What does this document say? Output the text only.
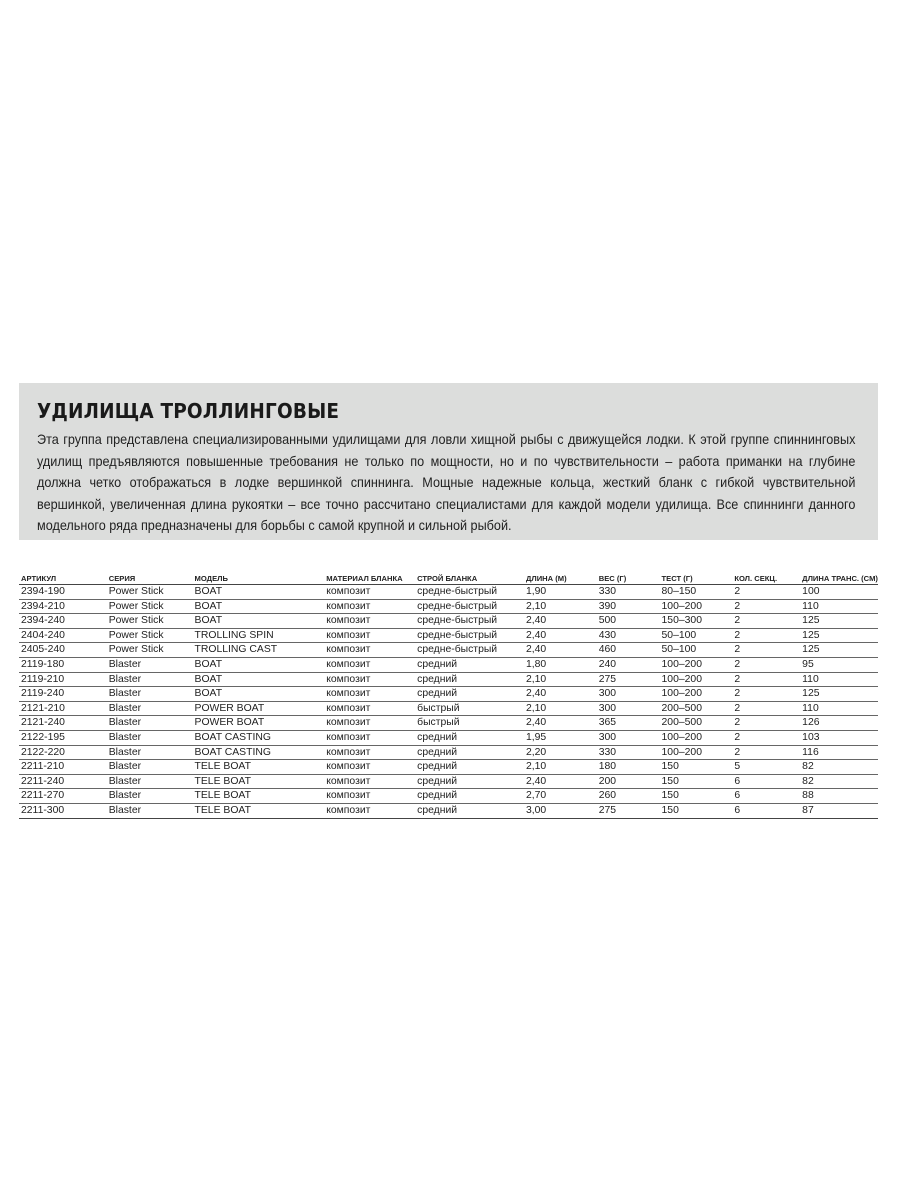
УДИЛИЩА ТРОЛЛИНГОВЫЕ

Эта группа представлена специализированными удилищами для ловли хищной рыбы с движущейся лодки. К этой группе спиннинговых удилищ предъявляются повышенные требования не только по мощности, но и по чувствительности – работа приманки на глубине должна четко отображаться в лодке вершинкой спиннинга. Мощные надежные кольца, жесткий бланк с гибкой чувствительной вершинкой, увеличенная длина рукоятки – все точно рассчитано специалистами для каждой модели удилища. Все спиннинги данного модельного ряда предназначены для борьбы с самой крупной и сильной рыбой.

АРТИКУЛ	СЕРИЯ	МОДЕЛЬ	МАТЕРИАЛ БЛАНКА	СТРОЙ БЛАНКА	ДЛИНА (М)	ВЕС (Г)	ТЕСТ (Г)	КОЛ. СЕКЦ.	ДЛИНА ТРАНС. (СМ)
2394-190	Power Stick	BOAT	композит	средне-быстрый	1,90	330	80–150	2	100
2394-210	Power Stick	BOAT	композит	средне-быстрый	2,10	390	100–200	2	110
2394-240	Power Stick	BOAT	композит	средне-быстрый	2,40	500	150–300	2	125
2404-240	Power Stick	TROLLING SPIN	композит	средне-быстрый	2,40	430	50–100	2	125
2405-240	Power Stick	TROLLING CAST	композит	средне-быстрый	2,40	460	50–100	2	125
2119-180	Blaster	BOAT	композит	средний	1,80	240	100–200	2	95
2119-210	Blaster	BOAT	композит	средний	2,10	275	100–200	2	110
2119-240	Blaster	BOAT	композит	средний	2,40	300	100–200	2	125
2121-210	Blaster	POWER BOAT	композит	быстрый	2,10	300	200–500	2	110
2121-240	Blaster	POWER BOAT	композит	быстрый	2,40	365	200–500	2	126
2122-195	Blaster	BOAT CASTING	композит	средний	1,95	300	100–200	2	103
2122-220	Blaster	BOAT CASTING	композит	средний	2,20	330	100–200	2	116
2211-210	Blaster	TELE BOAT	композит	средний	2,10	180	150	5	82
2211-240	Blaster	TELE BOAT	композит	средний	2,40	200	150	6	82
2211-270	Blaster	TELE BOAT	композит	средний	2,70	260	150	6	88
2211-300	Blaster	TELE BOAT	композит	средний	3,00	275	150	6	87
